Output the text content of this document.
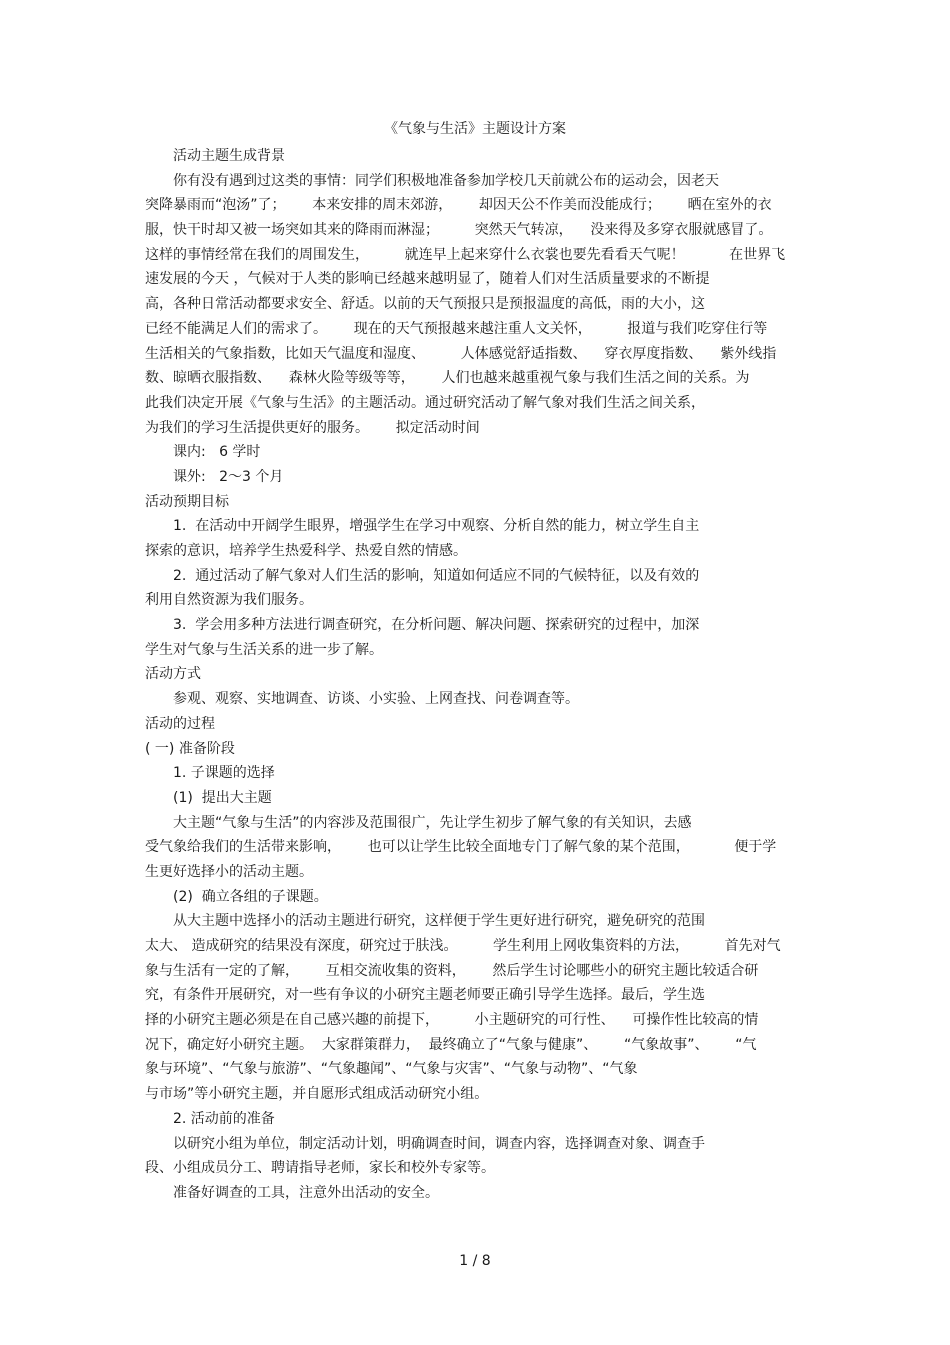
《气象与生活》主题设计方案
活动主题生成背景
你有没有遇到过这类的事情：同学们积极地准备参加学校几天前就公布的运动会，因老天
突降暴雨而“泡汤”了；      本来安排的周末郊游，      却因天公不作美而没能成行；      晒在室外的衣
服，快干时却又被一场突如其来的降雨而淋湿；        突然天气转凉，    没来得及多穿衣服就感冒了。
这样的事情经常在我们的周围发生，        就连早上起来穿什么衣裳也要先看看天气呢！          在世界飞
速发展的今天 ，气候对于人类的影响已经越来越明显了，随着人们对生活质量要求的不断提
高，各种日常活动都要求安全、舒适。以前的天气预报只是预报温度的高低，雨的大小，这
已经不能满足人们的需求了。      现在的天气预报越来越注重人文关怀，        报道与我们吃穿住行等
生活相关的气象指数，比如天气温度和湿度、        人体感觉舒适指数、    穿衣厚度指数、    紫外线指
数、晾晒衣服指数、    森林火险等级等等，      人们也越来越重视气象与我们生活之间的关系。为
此我们决定开展《气象与生活》的主题活动。通过研究活动了解气象对我们生活之间关系，
为我们的学习生活提供更好的服务。      拟定活动时间
课内:   6 学时
课外:   2～3 个月
活动预期目标
1.  在活动中开阔学生眼界，增强学生在学习中观察、分析自然的能力，树立学生自主
探索的意识，培养学生热爱科学、热爱自然的情感。
2.  通过活动了解气象对人们生活的影响，知道如何适应不同的气候特征，以及有效的
利用自然资源为我们服务。
3.  学会用多种方法进行调查研究，在分析问题、解决问题、探索研究的过程中，加深
学生对气象与生活关系的进一步了解。
活动方式
参观、观察、实地调查、访谈、小实验、上网查找、问卷调查等。
活动的过程
( 一) 准备阶段
1. 子课题的选择
(1)  提出大主题
大主题“气象与生活”的内容涉及范围很广，先让学生初步了解气象的有关知识，去感
受气象给我们的生活带来影响，      也可以让学生比较全面地专门了解气象的某个范围，          便于学
生更好选择小的活动主题。
(2)  确立各组的子课题。
从大主题中选择小的活动主题进行研究，这样便于学生更好进行研究，避免研究的范围
太大、 造成研究的结果没有深度，研究过于肤浅。        学生利用上网收集资料的方法，        首先对气
象与生活有一定的了解，      互相交流收集的资料，      然后学生讨论哪些小的研究主题比较适合研
究，有条件开展研究，对一些有争议的小研究主题老师要正确引导学生选择。最后，学生选
择的小研究主题必须是在自己感兴趣的前提下，        小主题研究的可行性、    可操作性比较高的情
况下，确定好小研究主题。  大家群策群力，  最终确立了“气象与健康”、      “气象故事”、      “气
象与环境”、“气象与旅游”、“气象趣闻”、“气象与灾害”、“气象与动物”、“气象
与市场”等小研究主题，并自愿形式组成活动研究小组。
2. 活动前的准备
以研究小组为单位，制定活动计划，明确调查时间，调查内容，选择调查对象、调查手
段、小组成员分工、聘请指导老师，家长和校外专家等。
准备好调查的工具，注意外出活动的安全。
1 / 8
